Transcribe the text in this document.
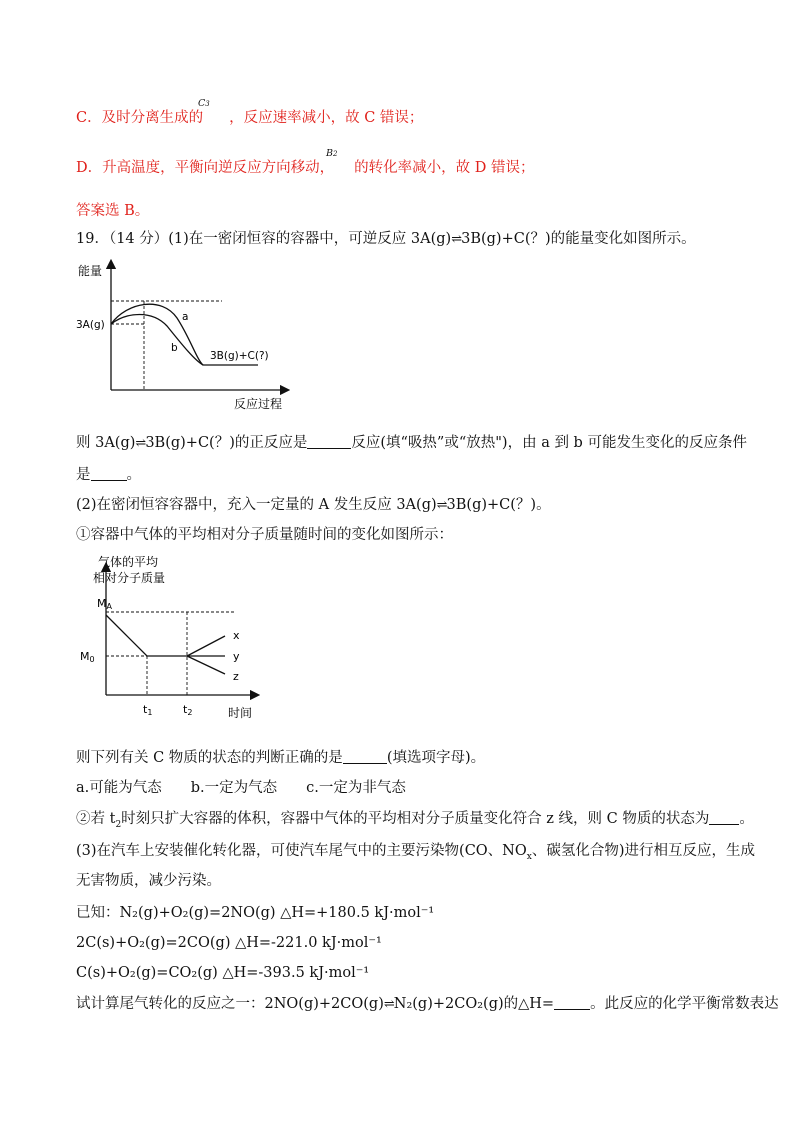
C．及时分离生成的 ，反应速率减小，故 C 错误；
C3
D．升高温度，平衡向逆反应方向移动， 的转化率减小，故 D 错误；
B2
答案选 B。
19．（14 分）(1)在一密闭恒容的容器中，可逆反应 3A(g)⇌3B(g)+C(？)的能量变化如图所示。
能量
反应过程
3A(g)
a
b
3B(g)+C(?)
则 3A(g)⇌3B(g)+C(？)的正反应是	反应(填“吸热”或“放热")，由 a 到 b 可能发生变化的反应条件
是 。
(2)在密闭恒容容器中，充入一定量的 A 发生反应 3A(g)⇌3B(g)+C(？)。
①容器中气体的平均相对分子质量随时间的变化如图所示：
气体的平均
相对分子质量
MA
M0
x
y
z
t1	t2	时间
则下列有关 C 物质的状态的判断正确的是	(填选项字母)。
a.可能为气态　　b.一定为气态　　c.一定为非气态
②若 $t_2$时刻只扩大容器的体积，容器中气体的平均相对分子质量变化符合 z 线，则 C 物质的状态为 。
(3)在汽车上安装催化转化器，可使汽车尾气中的主要污染物(CO、$NO_x$、碳氢化合物)进行相互反应，生成
无害物质，减少污染。
已知：N₂(g)+O₂(g)=2NO(g) △H=+180.5 kJ·mol⁻¹
2C(s)+O₂(g)=2CO(g) △H=-221.0 kJ·mol⁻¹
C(s)+O₂(g)=CO₂(g) △H=-393.5 kJ·mol⁻¹
试计算尾气转化的反应之一：2NO(g)+2CO(g)⇌N₂(g)+2CO₂(g)的△H= 。此反应的化学平衡常数表达
